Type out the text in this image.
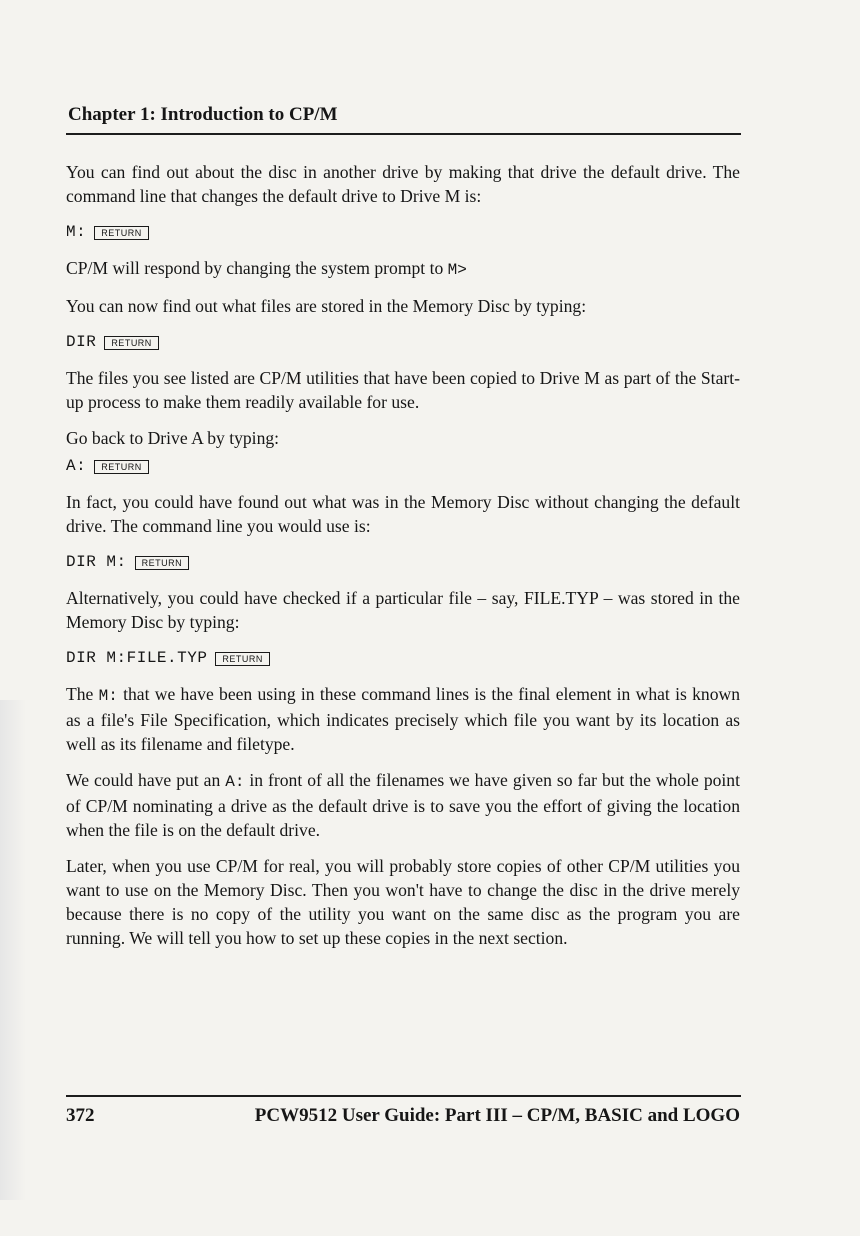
Chapter 1: Introduction to CP/M

You can find out about the disc in another drive by making that drive the default drive. The command line that changes the default drive to Drive M is:

M:	RETURN

CP/M will respond by changing the system prompt to M>

You can now find out what files are stored in the Memory Disc by typing:

DIR	RETURN

The files you see listed are CP/M utilities that have been copied to Drive M as part of the Start-up process to make them readily available for use.

Go back to Drive A by typing:

A:	RETURN

In fact, you could have found out what was in the Memory Disc without changing the default drive. The command line you would use is:

DIR M:	RETURN

Alternatively, you could have checked if a particular file – say, FILE.TYP – was stored in the Memory Disc by typing:

DIR M:FILE.TYP	RETURN

The M: that we have been using in these command lines is the final element in what is known as a file's File Specification, which indicates precisely which file you want by its location as well as its filename and filetype.

We could have put an A: in front of all the filenames we have given so far but the whole point of CP/M nominating a drive as the default drive is to save you the effort of giving the location when the file is on the default drive.

Later, when you use CP/M for real, you will probably store copies of other CP/M utilities you want to use on the Memory Disc. Then you won't have to change the disc in the drive merely because there is no copy of the utility you want on the same disc as the program you are running. We will tell you how to set up these copies in the next section.

372	PCW9512 User Guide: Part III – CP/M, BASIC and LOGO
